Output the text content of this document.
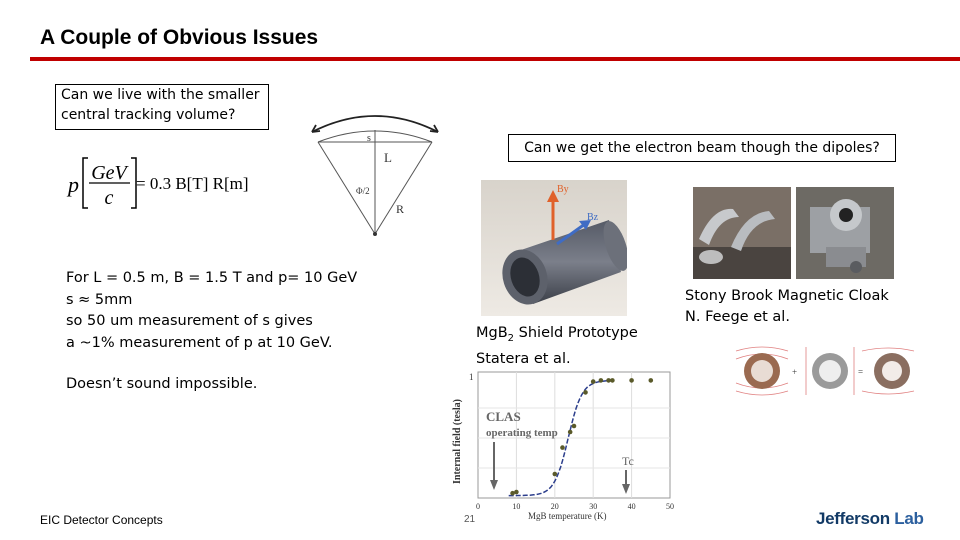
A Couple of Obvious Issues
Can we live with the smaller
central tracking volume?
Can we get the electron beam though the dipoles?
p GeV
c
= 0.3 B[T] R[m]
s
L
Φ/2
R
For L = 0.5 m, B = 1.5 T and p= 10 GeV
s ≈ 5mm
so 50 um measurement of s gives
a ~1% measurement of p at 10 GeV.
Doesn’t sound impossible.
By
Bz
MgB$_2$ Shield Prototype
Statera et al.
Stony Brook Magnetic Cloak
N. Feege et al.
+	=
Internal field (tesla)
1
CLAS
operating temp
Tc
0	10	20	30	40	50
MgB temperature (K)
EIC Detector Concepts	21	Jefferson Lab
